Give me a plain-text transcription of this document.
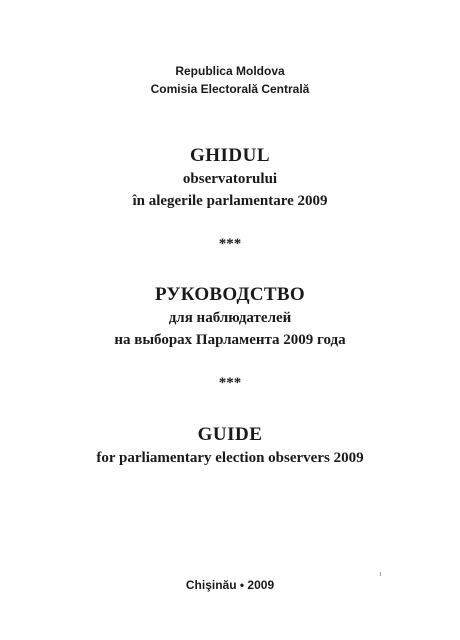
Republica Moldova
Comisia Electorală Centrală
GHIDUL
observatorului
în alegerile parlamentare 2009
***
РУКОВОДСТВО
для наблюдателей
на выборах Парламента 2009 года
***
GUIDE
for parliamentary election observers 2009
Chişinău • 2009
